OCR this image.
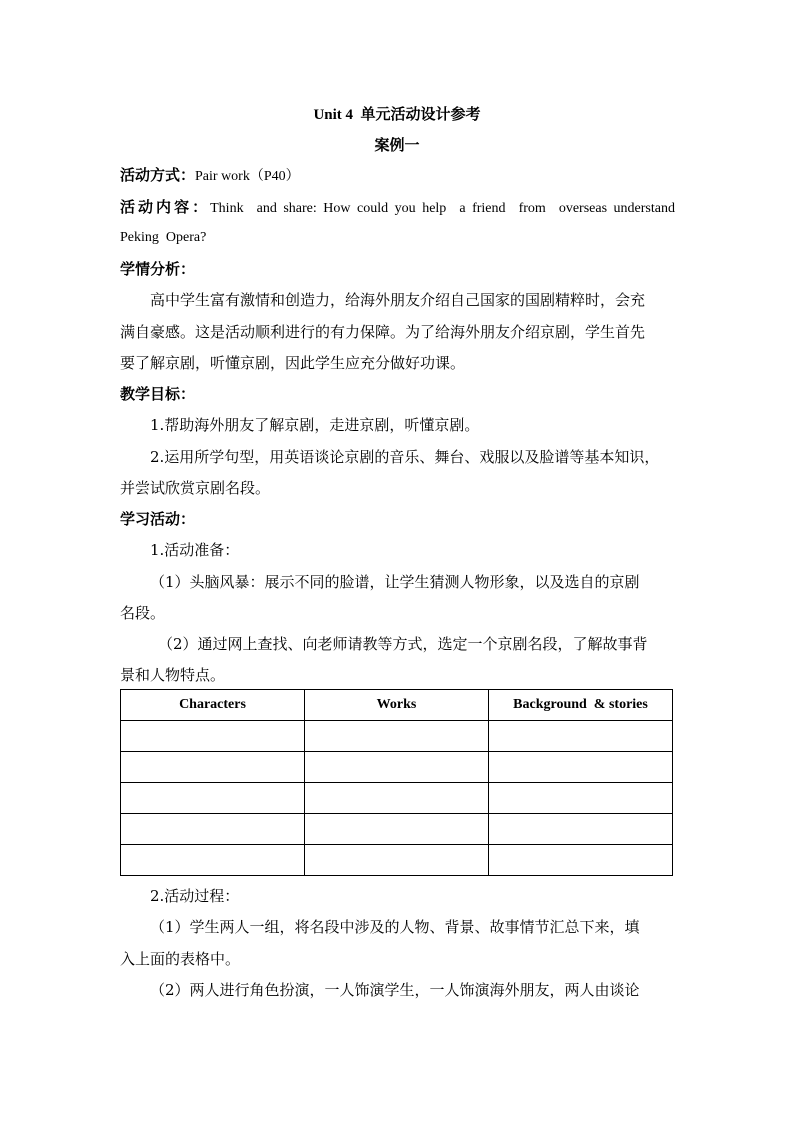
Unit 4  单元活动设计参考
案例一
活动方式：Pair work（P40）
活动内容：Think  and share: How could you help  a friend  from  overseas understand
Peking  Opera?
学情分析：
高中学生富有激情和创造力，给海外朋友介绍自己国家的国剧精粹时，会充
满自豪感。这是活动顺利进行的有力保障。为了给海外朋友介绍京剧，学生首先
要了解京剧，听懂京剧，因此学生应充分做好功课。
教学目标：
1.帮助海外朋友了解京剧，走进京剧，听懂京剧。
2.运用所学句型，用英语谈论京剧的音乐、舞台、戏服以及脸谱等基本知识，
并尝试欣赏京剧名段。
学习活动：
1.活动准备：
（1）头脑风暴：展示不同的脸谱，让学生猜测人物形象，以及选自的京剧
名段。
（2）通过网上查找、向老师请教等方式，选定一个京剧名段，了解故事背
景和人物特点。
Characters	Works	Background  & stories

2.活动过程：
（1）学生两人一组，将名段中涉及的人物、背景、故事情节汇总下来，填
入上面的表格中。
（2）两人进行角色扮演，一人饰演学生，一人饰演海外朋友，两人由谈论
